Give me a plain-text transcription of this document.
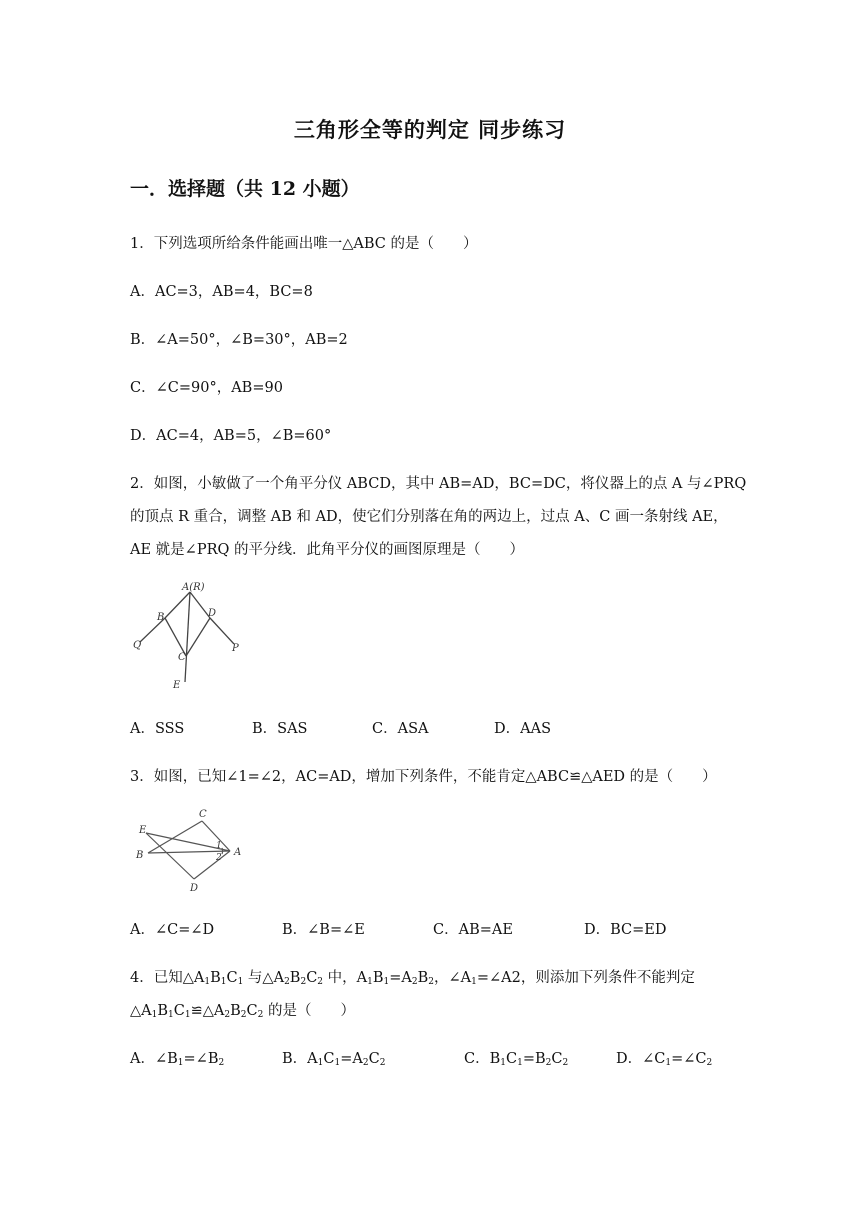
三角形全等的判定 同步练习
一．选择题（共 12 小题）
1．下列选项所给条件能画出唯一△ABC 的是（　　）
A．AC=3，AB=4，BC=8
B．∠A=50°，∠B=30°，AB=2
C．∠C=90°，AB=90
D．AC=4，AB=5，∠B=60°
2．如图，小敏做了一个角平分仪 ABCD，其中 AB=AD，BC=DC，将仪器上的点 A 与∠PRQ
的顶点 R 重合，调整 AB 和 AD，使它们分别落在角的两边上，过点 A、C 画一条射线 AE，
AE 就是∠PRQ 的平分线．此角平分仪的画图原理是（　　）
A(R)
B	D
C
Q	P
E
A．SSS	B．SAS	C．ASA	D．AAS
3．如图，已知∠1=∠2，AC=AD，增加下列条件，不能肯定△ABC≌△AED 的是（　　）
C
E
B	A
D
1
2
A．∠C=∠D	B．∠B=∠E	C．AB=AE	D．BC=ED
4．已知$\triangle A_1B_1C_1$ 与$\triangle A_2B_2C_2$ 中，$A_1B_1=A_2B_2$，$\angle A_1=\angle A2$，则添加下列条件不能判定
$\triangle A_1B_1C_1≌\triangle A_2B_2C_2$ 的是（　　）
A．$\angle B_1=\angle B_2$	B．$A_1C_1=A_2C_2$	C．$B_1C_1=B_2C_2$	D．$\angle C_1=\angle C_2$
